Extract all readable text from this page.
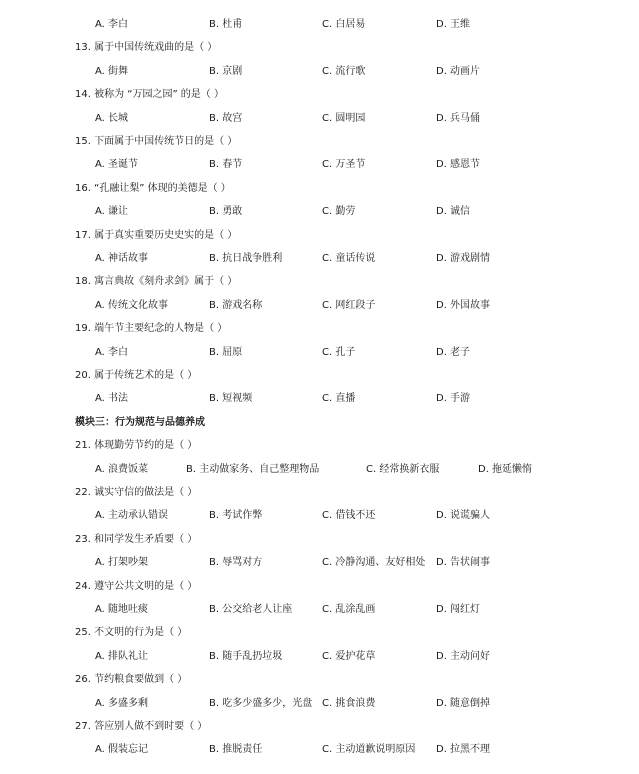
A. 李白	B. 杜甫	C. 白居易	D. 王维
13. 属于中国传统戏曲的是（ ）
A. 街舞	B. 京剧	C. 流行歌	D. 动画片
14. 被称为 “万园之园” 的是（ ）
A. 长城	B. 故宫	C. 圆明园	D. 兵马俑
15. 下面属于中国传统节日的是（ ）
A. 圣诞节	B. 春节	C. 万圣节	D. 感恩节
16. “孔融让梨” 体现的美德是（ ）
A. 谦让	B. 勇敢	C. 勤劳	D. 诚信
17. 属于真实重要历史史实的是（ ）
A. 神话故事	B. 抗日战争胜利	C. 童话传说	D. 游戏剧情
18. 寓言典故《刻舟求剑》属于（ ）
A. 传统文化故事	B. 游戏名称	C. 网红段子	D. 外国故事
19. 端午节主要纪念的人物是（ ）
A. 李白	B. 屈原	C. 孔子	D. 老子
20. 属于传统艺术的是（ ）
A. 书法	B. 短视频	C. 直播	D. 手游
模块三：行为规范与品德养成
21. 体现勤劳节约的是（ ）
A. 浪费饭菜	B. 主动做家务、自己整理物品	C. 经常换新衣服	D. 拖延懒惰
22. 诚实守信的做法是（ ）
A. 主动承认错误	B. 考试作弊	C. 借钱不还	D. 说谎骗人
23. 和同学发生矛盾要（ ）
A. 打架吵架	B. 辱骂对方	C. 冷静沟通、友好相处 D. 告状闹事
24. 遵守公共文明的是（ ）
A. 随地吐痰	B. 公交给老人让座	C. 乱涂乱画	D. 闯红灯
25. 不文明的行为是（ ）
A. 排队礼让	B. 随手乱扔垃圾	C. 爱护花草	D. 主动问好
26. 节约粮食要做到（ ）
A. 多盛多剩	B. 吃多少盛多少，光盘 C. 挑食浪费	D. 随意倒掉
27. 答应别人做不到时要（ ）
A. 假装忘记	B. 推脱责任	C. 主动道歉说明原因 D. 拉黑不理
